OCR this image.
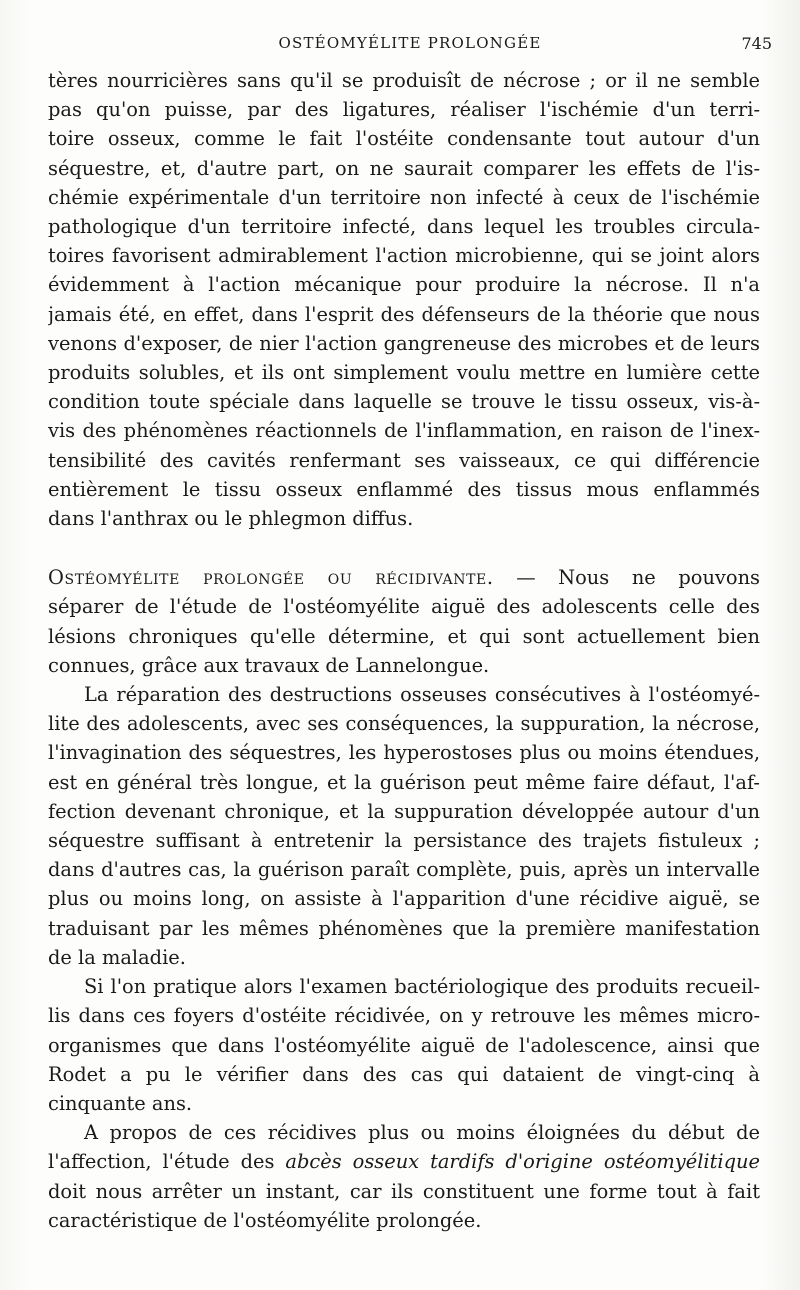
OSTÉOMYÉLITE PROLONGÉE	745
tères nourricières sans qu'il se produisît de nécrose ; or il ne semble
pas qu'on puisse, par des ligatures, réaliser l'ischémie d'un terri-
toire osseux, comme le fait l'ostéite condensante tout autour d'un
séquestre, et, d'autre part, on ne saurait comparer les effets de l'is-
chémie expérimentale d'un territoire non infecté à ceux de l'ischémie
pathologique d'un territoire infecté, dans lequel les troubles circula-
toires favorisent admirablement l'action microbienne, qui se joint alors
évidemment à l'action mécanique pour produire la nécrose. Il n'a
jamais été, en effet, dans l'esprit des défenseurs de la théorie que nous
venons d'exposer, de nier l'action gangreneuse des microbes et de leurs
produits solubles, et ils ont simplement voulu mettre en lumière cette
condition toute spéciale dans laquelle se trouve le tissu osseux, vis-à-
vis des phénomènes réactionnels de l'inflammation, en raison de l'inex-
tensibilité des cavités renfermant ses vaisseaux, ce qui différencie
entièrement le tissu osseux enflammé des tissus mous enflammés
dans l'anthrax ou le phlegmon diffus.
Ostéomyélite prolongée ou récidivante. — Nous ne pouvons
séparer de l'étude de l'ostéomyélite aiguë des adolescents celle des
lésions chroniques qu'elle détermine, et qui sont actuellement bien
connues, grâce aux travaux de Lannelongue.
La réparation des destructions osseuses consécutives à l'ostéomyé-
lite des adolescents, avec ses conséquences, la suppuration, la nécrose,
l'invagination des séquestres, les hyperostoses plus ou moins étendues,
est en général très longue, et la guérison peut même faire défaut, l'af-
fection devenant chronique, et la suppuration développée autour d'un
séquestre suffisant à entretenir la persistance des trajets fistuleux ;
dans d'autres cas, la guérison paraît complète, puis, après un intervalle
plus ou moins long, on assiste à l'apparition d'une récidive aiguë, se
traduisant par les mêmes phénomènes que la première manifestation
de la maladie.
Si l'on pratique alors l'examen bactériologique des produits recueil-
lis dans ces foyers d'ostéite récidivée, on y retrouve les mêmes micro-
organismes que dans l'ostéomyélite aiguë de l'adolescence, ainsi que
Rodet a pu le vérifier dans des cas qui dataient de vingt-cinq à
cinquante ans.
A propos de ces récidives plus ou moins éloignées du début de
l'affection, l'étude des abcès osseux tardifs d'origine ostéomyélitique
doit nous arrêter un instant, car ils constituent une forme tout à fait
caractéristique de l'ostéomyélite prolongée.
